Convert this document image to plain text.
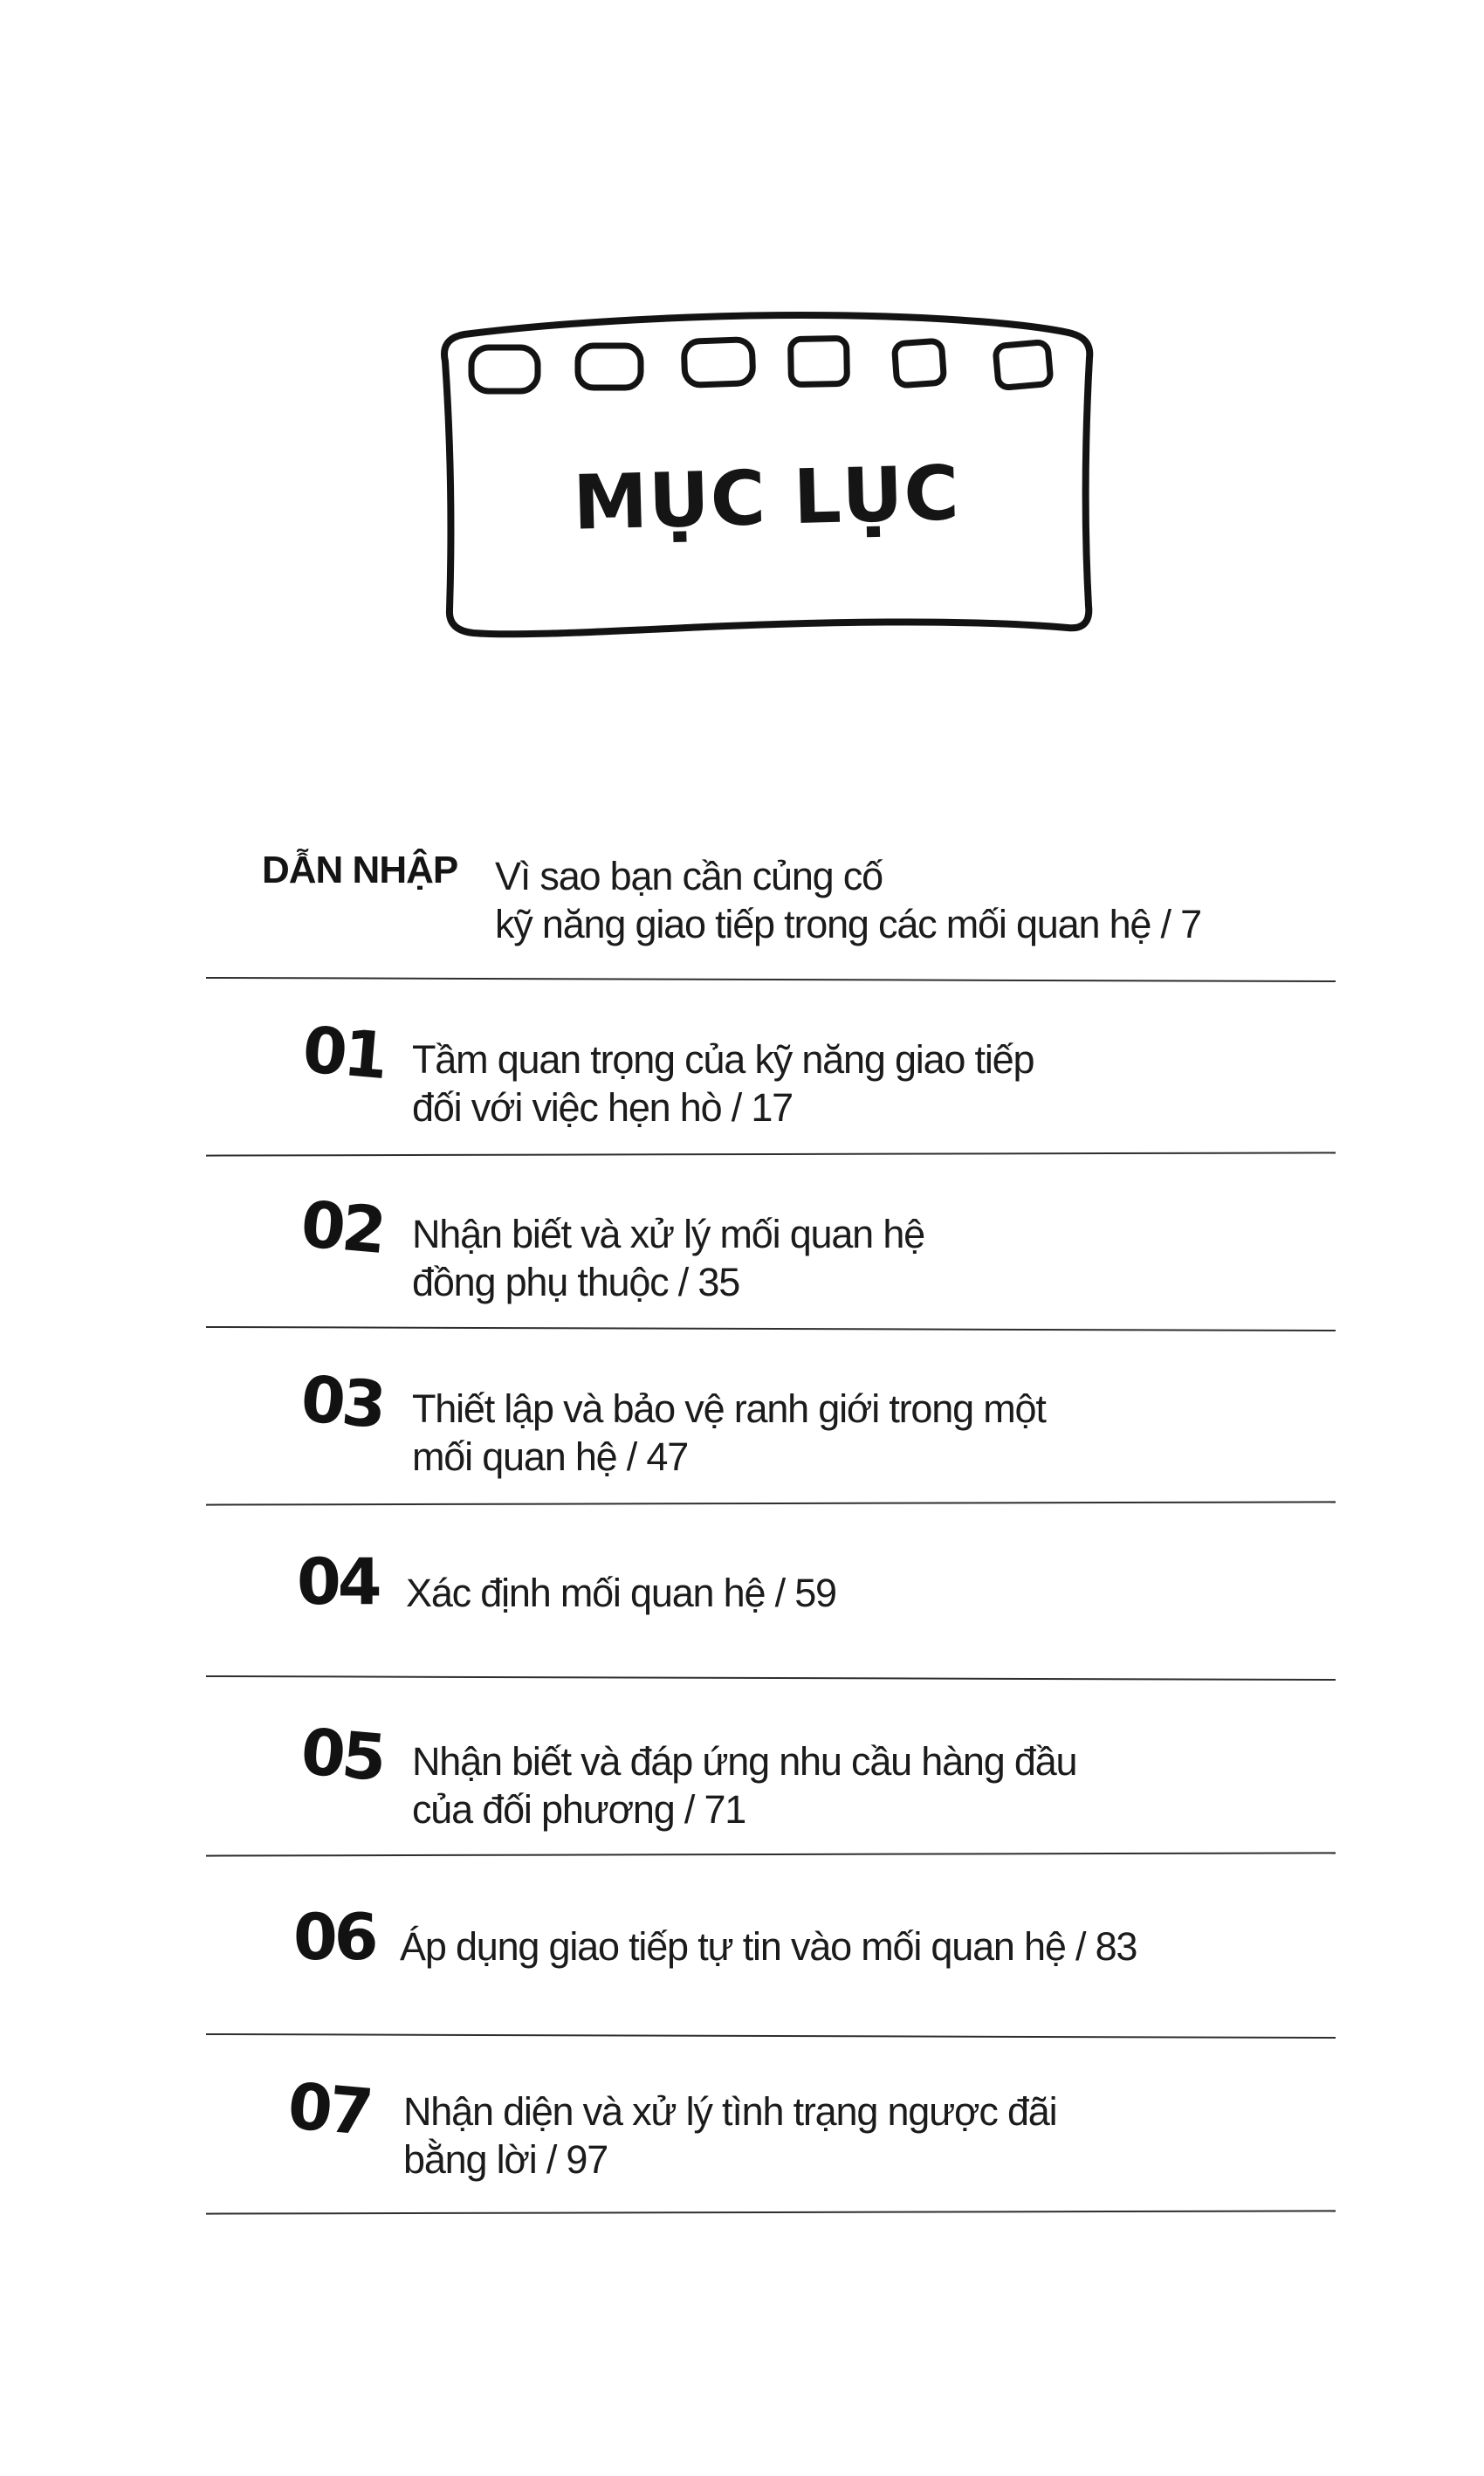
MỤC LỤC
DẪN NHẬP Vì sao bạn cần củng cố
kỹ năng giao tiếp trong các mối quan hệ / 7
01 Tầm quan trọng của kỹ năng giao tiếp
đối với việc hẹn hò / 17
02 Nhận biết và xử lý mối quan hệ
đồng phụ thuộc / 35
03 Thiết lập và bảo vệ ranh giới trong một
mối quan hệ / 47
04 Xác định mối quan hệ / 59
05 Nhận biết và đáp ứng nhu cầu hàng đầu
của đối phương / 71
06 Áp dụng giao tiếp tự tin vào mối quan hệ / 83
07 Nhận diện và xử lý tình trạng ngược đãi
bằng lời / 97
